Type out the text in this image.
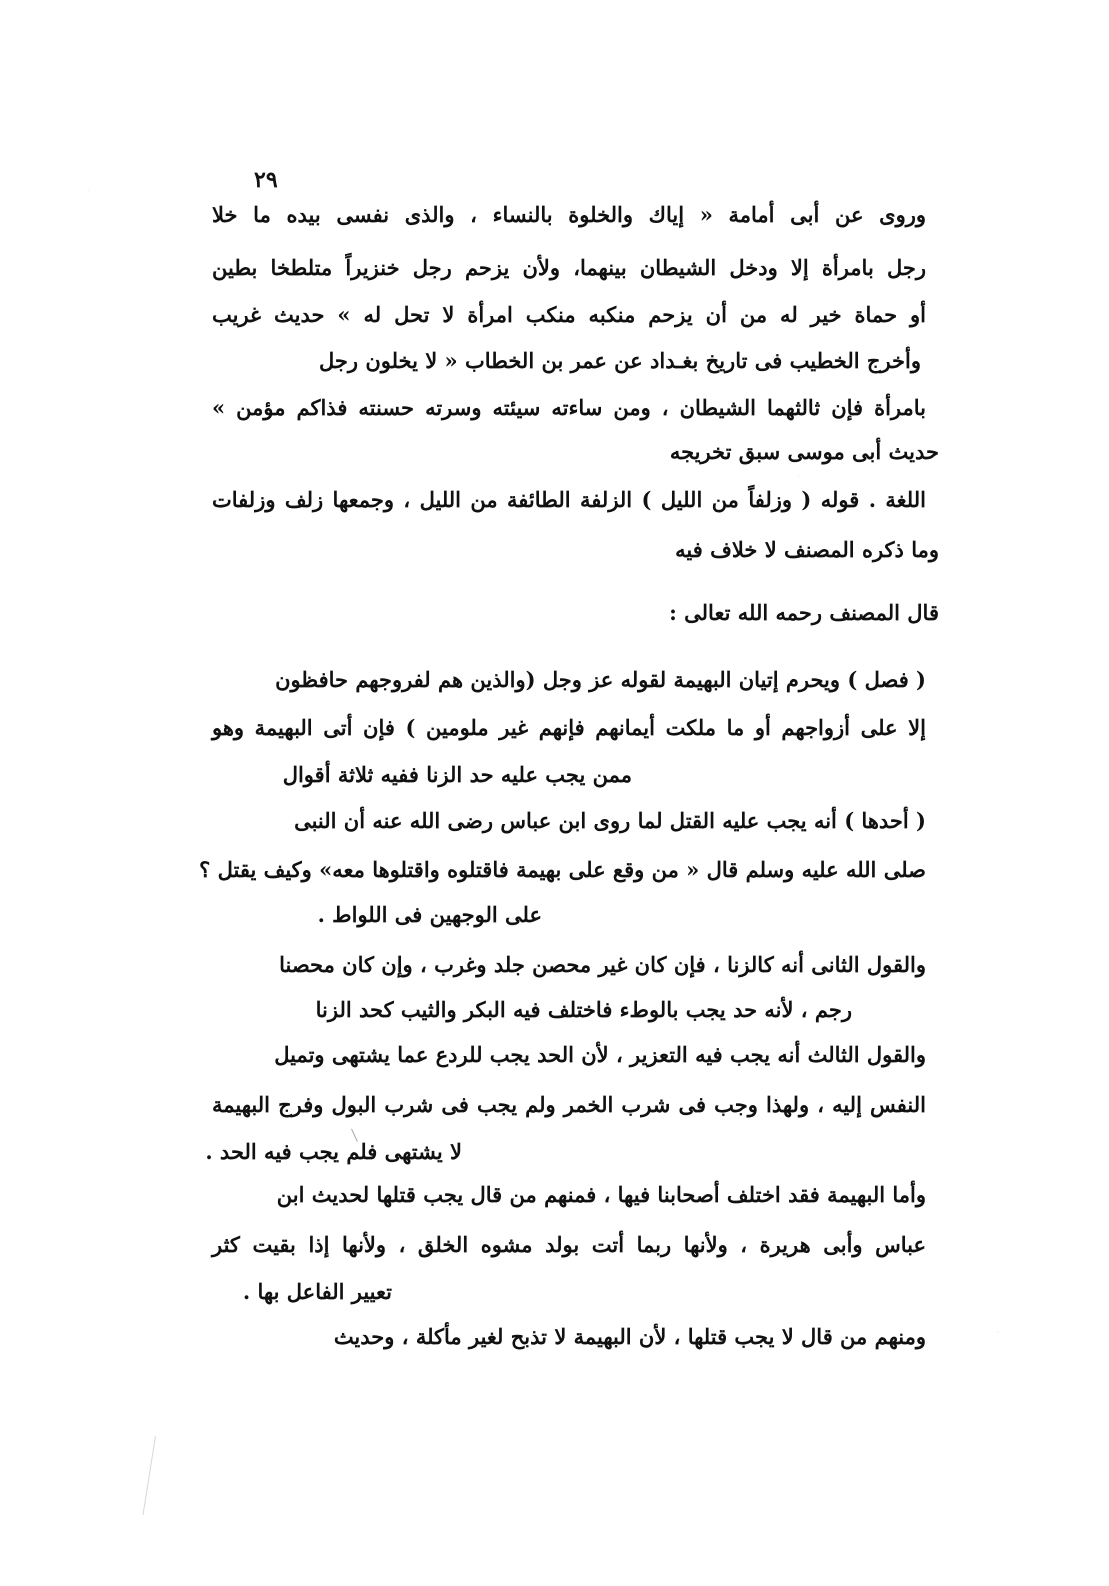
٢٩
وروى عن أبى أمامة « إياك والخلوة بالنساء ، والذى نفسى بيده ما خلا
رجل بامرأة إلا ودخل الشيطان بينهما، ولأن يزحم رجل خنزيراً متلطخا بطين
أو حماة خير له من أن يزحم منكبه منكب امرأة لا تحل له » حديث غريب
وأخرج الخطيب فى تاريخ بغـداد عن عمر بن الخطاب « لا يخلون رجل
بامرأة فإن ثالثهما الشيطان ، ومن ساءته سيئته وسرته حسنته فذاكم مؤمن »
حديث أبى موسى سبق تخريجه
اللغة . قوله ( وزلفاً من الليل ) الزلفة الطائفة من الليل ، وجمعها زلف وزلفات
وما ذكره المصنف لا خلاف فيه
قال المصنف رحمه الله تعالى :
( فصل ) ويحرم إتيان البهيمة لقوله عز وجل (والذين هم لفروجهم حافظون
إلا على أزواجهم أو ما ملكت أيمانهم فإنهم غير ملومين ) فإن أتى البهيمة وهو
ممن يجب عليه حد الزنا ففيه ثلاثة أقوال
( أحدها ) أنه يجب عليه القتل لما روى ابن عباس رضى الله عنه أن النبى
صلى الله عليه وسلم قال « من وقع على بهيمة فاقتلوه واقتلوها معه» وكيف يقتل ؟
على الوجهين فى اللواط .
والقول الثانى أنه كالزنا ، فإن كان غير محصن جلد وغرب ، وإن كان محصنا
رجم ، لأنه حد يجب بالوطء فاختلف فيه البكر والثيب كحد الزنا
والقول الثالث أنه يجب فيه التعزير ، لأن الحد يجب للردع عما يشتهى وتميل
النفس إليه ، ولهذا وجب فى شرب الخمر ولم يجب فى شرب البول وفرج البهيمة
لا يشتهى فلم يجب فيه الحد .
وأما البهيمة فقد اختلف أصحابنا فيها ، فمنهم من قال يجب قتلها لحديث ابن
عباس وأبى هريرة ، ولأنها ربما أتت بولد مشوه الخلق ، ولأنها إذا بقيت كثر
تعيير الفاعل بها .
ومنهم من قال لا يجب قتلها ، لأن البهيمة لا تذبح لغير مأكلة ، وحديث
